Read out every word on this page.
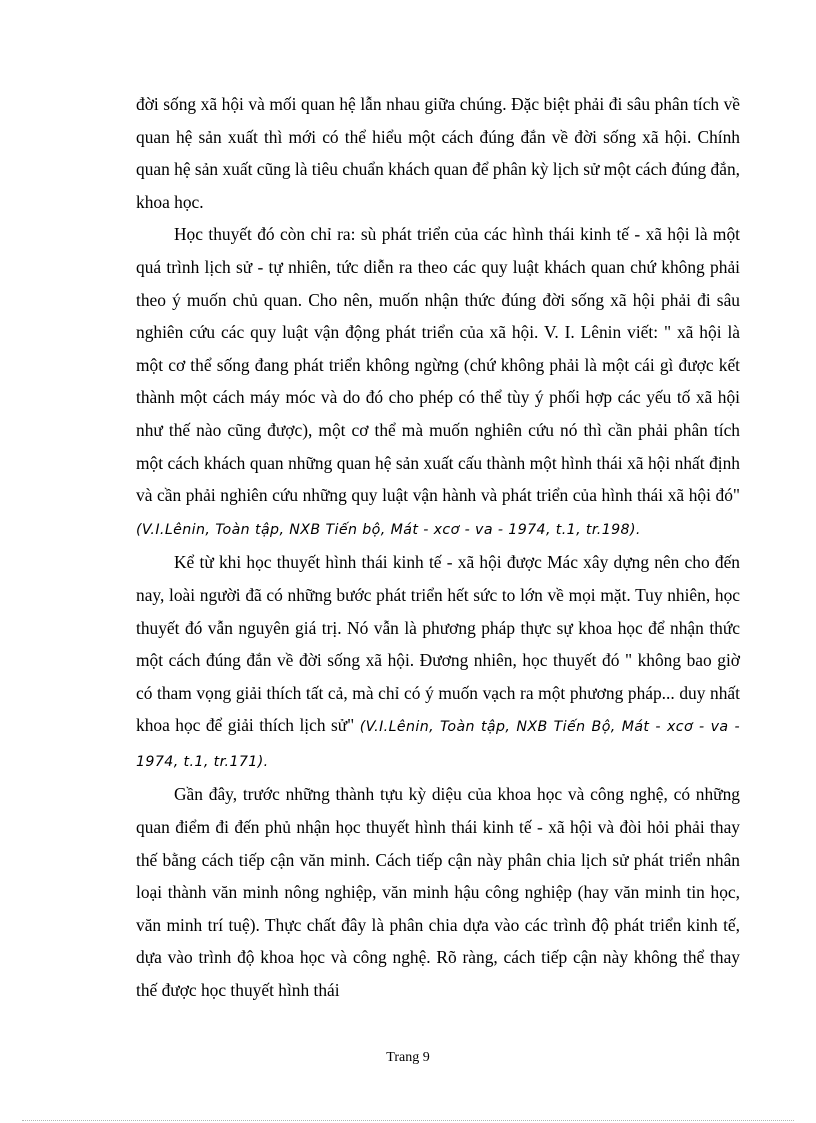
đời sống xã hội và mối quan hệ lẫn nhau giữa chúng. Đặc biệt phải đi sâu phân tích về quan hệ sản xuất thì mới có thể hiểu một cách đúng đắn về đời sống xã hội. Chính quan hệ sản xuất cũng là tiêu chuẩn khách quan để phân kỳ lịch sử một cách đúng đắn, khoa học.

Học thuyết đó còn chỉ ra: sù phát triển của các hình thái kinh tế - xã hội là một quá trình lịch sử - tự nhiên, tức diễn ra theo các quy luật khách quan chứ không phải theo ý muốn chủ quan. Cho nên, muốn nhận thức đúng đời sống xã hội phải đi sâu nghiên cứu các quy luật vận động phát triển của xã hội. V. I. Lênin viết: " xã hội là một cơ thể sống đang phát triển không ngừng (chứ không phải là một cái gì được kết thành một cách máy móc và do đó cho phép có thể tùy ý phối hợp các yếu tố xã hội như thế nào cũng được), một cơ thể mà muốn nghiên cứu nó thì cần phải phân tích một cách khách quan những quan hệ sản xuất cấu thành một hình thái xã hội nhất định và cần phải nghiên cứu những quy luật vận hành và phát triển của hình thái xã hội đó" (V.I.Lênin, Toàn tập, NXB Tiến bộ, Mát - xcơ - va - 1974, t.1, tr.198).

Kể từ khi học thuyết hình thái kinh tế - xã hội được Mác xây dựng nên cho đến nay, loài người đã có những bước phát triển hết sức to lớn về mọi mặt. Tuy nhiên, học thuyết đó vẫn nguyên giá trị. Nó vẫn là phương pháp thực sự khoa học để nhận thức một cách đúng đắn về đời sống xã hội. Đương nhiên, học thuyết đó " không bao giờ có tham vọng giải thích tất cả, mà chỉ có ý muốn vạch ra một phương pháp... duy nhất khoa học để giải thích lịch sử" (V.I.Lênin, Toàn tập, NXB Tiến Bộ, Mát - xcơ - va - 1974, t.1, tr.171).

Gần đây, trước những thành tựu kỳ diệu của khoa học và công nghệ, có những quan điểm đi đến phủ nhận học thuyết hình thái kinh tế - xã hội và đòi hỏi phải thay thế bằng cách tiếp cận văn minh. Cách tiếp cận này phân chia lịch sử phát triển nhân loại thành văn minh nông nghiệp, văn minh hậu công nghiệp (hay văn minh tin học, văn minh trí tuệ). Thực chất đây là phân chia dựa vào các trình độ phát triển kinh tế, dựa vào trình độ khoa học và công nghệ. Rõ ràng, cách tiếp cận này không thể thay thế được học thuyết hình thái

Trang 9
